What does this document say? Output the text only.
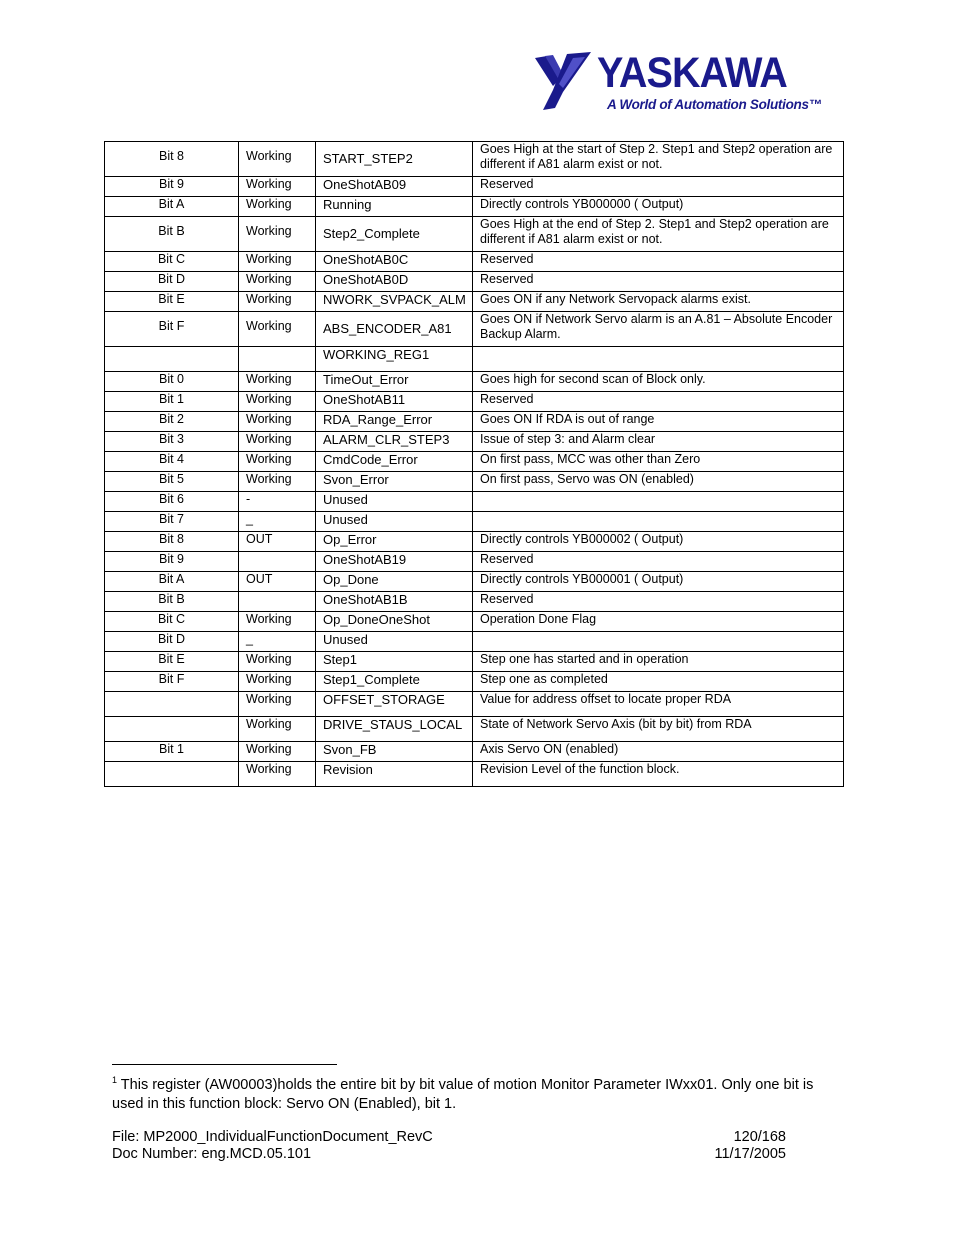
YASKAWA
A World of Automation Solutions™
Bit 8	Working	START_STEP2	Goes High at the start of Step 2. Step1 and Step2 operation are different if A81 alarm exist or not.
Bit 9	Working	OneShotAB09	Reserved
Bit A	Working	Running	Directly controls YB000000 ( Output)
Bit B	Working	Step2_Complete	Goes High at the end of Step 2. Step1 and Step2 operation are different if A81 alarm exist or not.
Bit C	Working	OneShotAB0C	Reserved
Bit D	Working	OneShotAB0D	Reserved
Bit E	Working	NWORK_SVPACK_ALM	Goes ON if any Network Servopack alarms exist.
Bit F	Working	ABS_ENCODER_A81	Goes ON if Network Servo alarm is an A.81 – Absolute Encoder Backup Alarm.
		WORKING_REG1	
Bit 0	Working	TimeOut_Error	Goes high for second scan of Block only.
Bit 1	Working	OneShotAB11	Reserved
Bit 2	Working	RDA_Range_Error	Goes ON If RDA is out of range
Bit 3	Working	ALARM_CLR_STEP3	Issue of step 3: and Alarm clear
Bit 4	Working	CmdCode_Error	On first pass, MCC was other than Zero
Bit 5	Working	Svon_Error	On first pass, Servo was ON (enabled)
Bit 6	-	Unused	
Bit 7	_	Unused	
Bit 8	OUT	Op_Error	Directly controls YB000002 ( Output)
Bit 9		OneShotAB19	Reserved
Bit A	OUT	Op_Done	Directly controls YB000001 ( Output)
Bit B		OneShotAB1B	Reserved
Bit C	Working	Op_DoneOneShot	Operation Done Flag
Bit D	_	Unused	
Bit E	Working	Step1	Step one has started and in operation
Bit F	Working	Step1_Complete	Step one as completed
	Working	OFFSET_STORAGE	Value for address offset to locate proper RDA
	Working	DRIVE_STAUS_LOCAL	State of Network Servo Axis (bit by bit) from RDA
Bit 1	Working	Svon_FB	Axis Servo ON (enabled)
	Working	Revision	Revision Level of the function block.
$^1$ This register (AW00003)holds the entire bit by bit value of motion Monitor Parameter IWxx01. Only one bit is used in this function block: Servo ON (Enabled), bit 1.
File: MP2000_IndividualFunctionDocument_RevC	120/168
Doc Number: eng.MCD.05.101	11/17/2005
